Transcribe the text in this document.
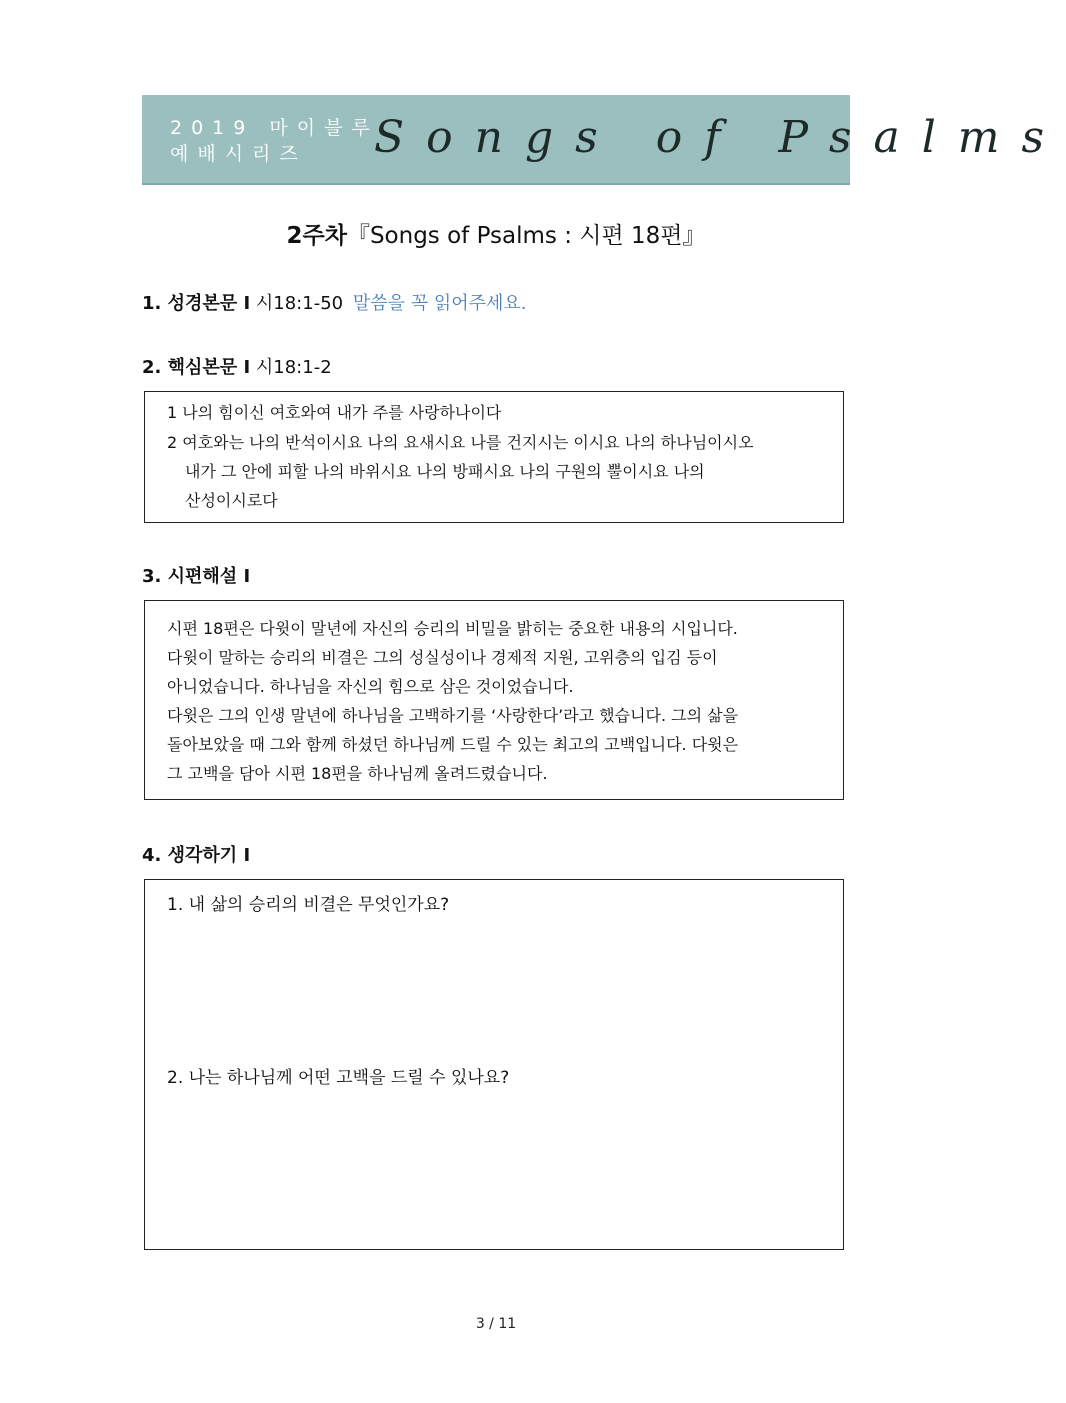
2019 마이블루
예배시리즈	Songs of Psalms
2주차『Songs of Psalms : 시편 18편』
1. 성경본문 I 시18:1-50 말씀을 꼭 읽어주세요.
2. 핵심본문 I 시18:1-2
1 나의 힘이신 여호와여 내가 주를 사랑하나이다
2 여호와는 나의 반석이시요 나의 요새시요 나를 건지시는 이시요 나의 하나님이시오
내가 그 안에 피할 나의 바위시요 나의 방패시요 나의 구원의 뿔이시요 나의
산성이시로다
3. 시편해설 I
시편 18편은 다윗이 말년에 자신의 승리의 비밀을 밝히는 중요한 내용의 시입니다.
다윗이 말하는 승리의 비결은 그의 성실성이나 경제적 지원, 고위층의 입김 등이
아니었습니다. 하나님을 자신의 힘으로 삼은 것이었습니다.
다윗은 그의 인생 말년에 하나님을 고백하기를 ‘사랑한다’라고 했습니다. 그의 삶을
돌아보았을 때 그와 함께 하셨던 하나님께 드릴 수 있는 최고의 고백입니다. 다윗은
그 고백을 담아 시편 18편을 하나님께 올려드렸습니다.
4. 생각하기 I
1. 내 삶의 승리의 비결은 무엇인가요?
2. 나는 하나님께 어떤 고백을 드릴 수 있나요?
3 / 11
